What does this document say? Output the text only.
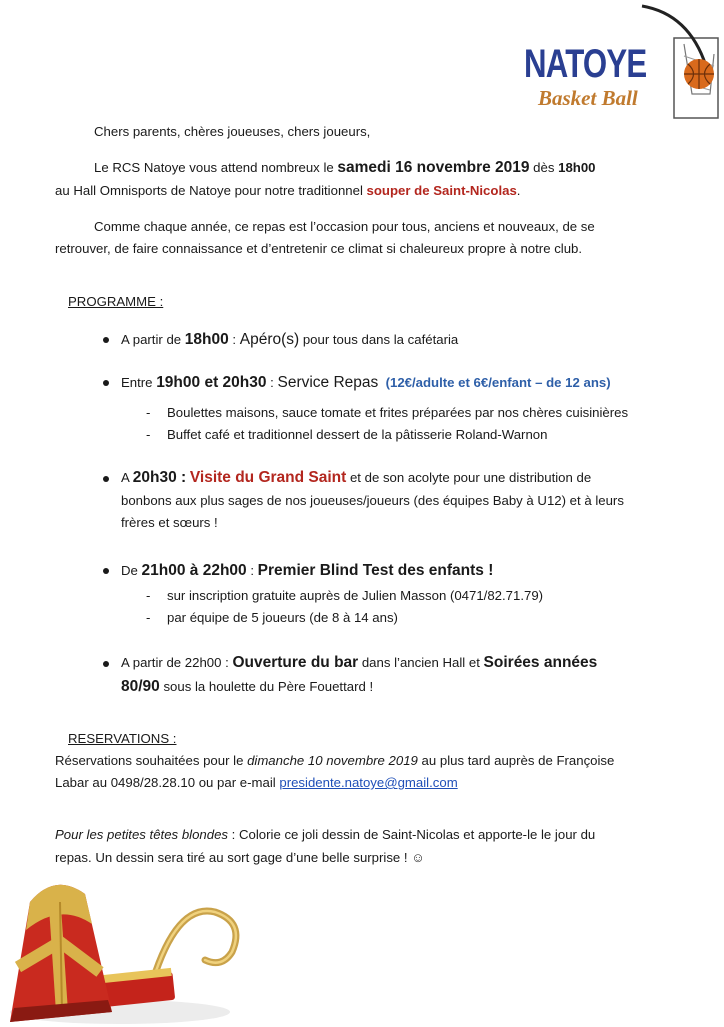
NATOYE
Basket Ball
Chers parents, chères joueuses, chers joueurs,
Le RCS Natoye vous attend nombreux le samedi 16 novembre 2019 dès 18h00
au Hall Omnisports de Natoye pour notre traditionnel souper de Saint-Nicolas.
Comme chaque année, ce repas est l’occasion pour tous, anciens et nouveaux, de se
retrouver, de faire connaissance et d’entretenir ce climat si chaleureux propre à notre club.
PROGRAMME :
A partir de 18h00 : Apéro(s) pour tous dans la cafétaria
Entre 19h00 et 20h30 : Service Repas (12€/adulte et 6€/enfant – de 12 ans)
- Boulettes maisons, sauce tomate et frites préparées par nos chères cuisinières
- Buffet café et traditionnel dessert de la pâtisserie Roland-Warnon
A 20h30 : Visite du Grand Saint et de son acolyte pour une distribution de
bonbons aux plus sages de nos joueuses/joueurs (des équipes Baby à U12) et à leurs
frères et sœurs !
De 21h00 à 22h00 : Premier Blind Test des enfants !
- sur inscription gratuite auprès de Julien Masson (0471/82.71.79)
- par équipe de 5 joueurs (de 8 à 14 ans)
A partir de 22h00 : Ouverture du bar dans l’ancien Hall et Soirées années
80/90 sous la houlette du Père Fouettard !
RESERVATIONS :
Réservations souhaitées pour le dimanche 10 novembre 2019 au plus tard auprès de Françoise
Labar au 0498/28.28.10 ou par e-mail presidente.natoye@gmail.com
Pour les petites têtes blondes : Colorie ce joli dessin de Saint-Nicolas et apporte-le le jour du
repas. Un dessin sera tiré au sort gage d’une belle surprise ! ☺
